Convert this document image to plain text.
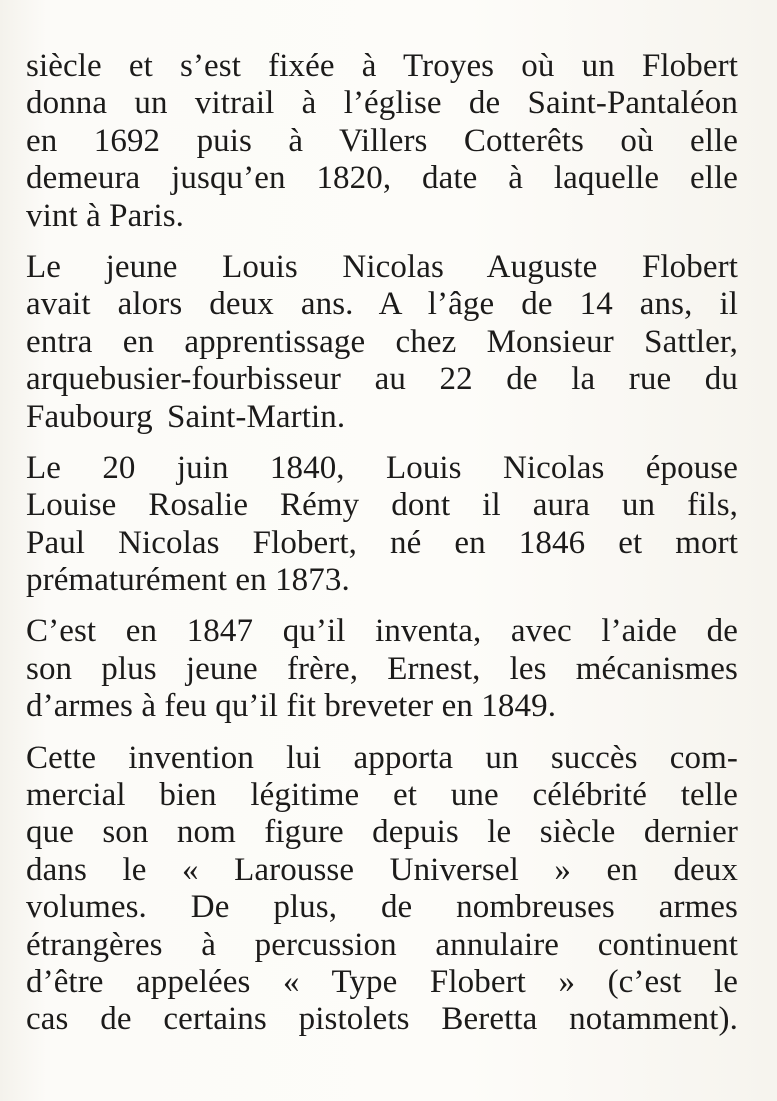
siècle et s’est fixée à Troyes où un Flobert
donna un vitrail à l’église de Saint-Pantaléon
en 1692 puis à Villers Cotterêts où elle
demeura jusqu’en 1820, date à laquelle elle
vint à Paris.
Le jeune Louis Nicolas Auguste Flobert
avait alors deux ans. A l’âge de 14 ans, il
entra en apprentissage chez Monsieur Sattler,
arquebusier-fourbisseur au 22 de la rue du
Faubourg Saint-Martin.
Le 20 juin 1840, Louis Nicolas épouse
Louise Rosalie Rémy dont il aura un fils,
Paul Nicolas Flobert, né en 1846 et mort
prématurément en 1873.
C’est en 1847 qu’il inventa, avec l’aide de
son plus jeune frère, Ernest, les mécanismes
d’armes à feu qu’il fit breveter en 1849.
Cette invention lui apporta un succès com-
mercial bien légitime et une célébrité telle
que son nom figure depuis le siècle dernier
dans le « Larousse Universel » en deux
volumes. De plus, de nombreuses armes
étrangères à percussion annulaire continuent
d’être appelées « Type Flobert » (c’est le
cas de certains pistolets Beretta notamment).
